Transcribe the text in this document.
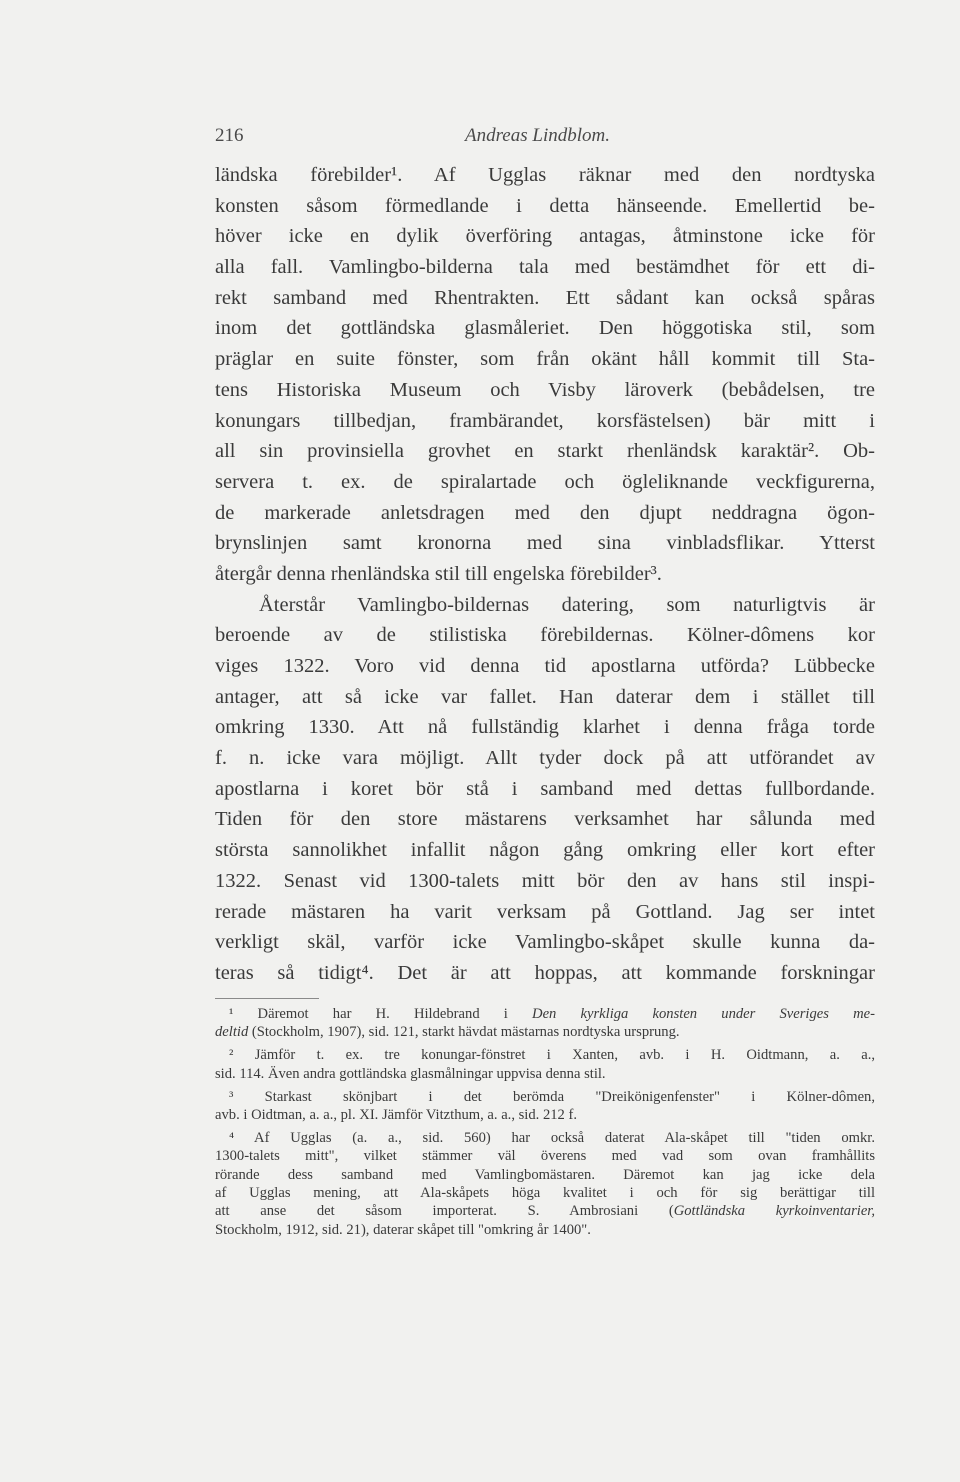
216	Andreas Lindblom.
ländska förebilder¹. Af Ugglas räknar med den nordtyska
konsten såsom förmedlande i detta hänseende. Emellertid be-
höver icke en dylik överföring antagas, åtminstone icke för
alla fall. Vamlingbo-bilderna tala med bestämdhet för ett di-
rekt samband med Rhentrakten. Ett sådant kan också spåras
inom det gottländska glasmåleriet. Den höggotiska stil, som
präglar en suite fönster, som från okänt håll kommit till Sta-
tens Historiska Museum och Visby läroverk (bebådelsen, tre
konungars tillbedjan, frambärandet, korsfästelsen) bär mitt i
all sin provinsiella grovhet en starkt rhenländsk karaktär². Ob-
servera t. ex. de spiralartade och ögleliknande veckfigurerna,
de markerade anletsdragen med den djupt neddragna ögon-
brynslinjen samt kronorna med sina vinbladsflikar. Ytterst
återgår denna rhenländska stil till engelska förebilder³.
Återstår Vamlingbo-bildernas datering, som naturligtvis är
beroende av de stilistiska förebildernas. Kölner-dômens kor
viges 1322. Voro vid denna tid apostlarna utförda? Lübbecke
antager, att så icke var fallet. Han daterar dem i stället till
omkring 1330. Att nå fullständig klarhet i denna fråga torde
f. n. icke vara möjligt. Allt tyder dock på att utförandet av
apostlarna i koret bör stå i samband med dettas fullbordande.
Tiden för den store mästarens verksamhet har sålunda med
största sannolikhet infallit någon gång omkring eller kort efter
1322. Senast vid 1300-talets mitt bör den av hans stil inspi-
rerade mästaren ha varit verksam på Gottland. Jag ser intet
verkligt skäl, varför icke Vamlingbo-skåpet skulle kunna da-
teras så tidigt⁴. Det är att hoppas, att kommande forskningar
¹ Däremot har H. Hildebrand i Den kyrkliga konsten under Sveriges me-
deltid (Stockholm, 1907), sid. 121, starkt hävdat mästarnas nordtyska ursprung.
² Jämför t. ex. tre konungar-fönstret i Xanten, avb. i H. Oidtmann, a. a.,
sid. 114. Även andra gottländska glasmålningar uppvisa denna stil.
³ Starkast skönjbart i det berömda "Dreikönigenfenster" i Kölner-dômen,
avb. i Oidtman, a. a., pl. XI. Jämför Vitzthum, a. a., sid. 212 f.
⁴ Af Ugglas (a. a., sid. 560) har också daterat Ala-skåpet till "tiden omkr.
1300-talets mitt", vilket stämmer väl överens med vad som ovan framhållits
rörande dess samband med Vamlingbomästaren. Däremot kan jag icke dela
af Ugglas mening, att Ala-skåpets höga kvalitet i och för sig berättigar till
att anse det såsom importerat. S. Ambrosiani (Gottländska kyrkoinventarier,
Stockholm, 1912, sid. 21), daterar skåpet till "omkring år 1400".
